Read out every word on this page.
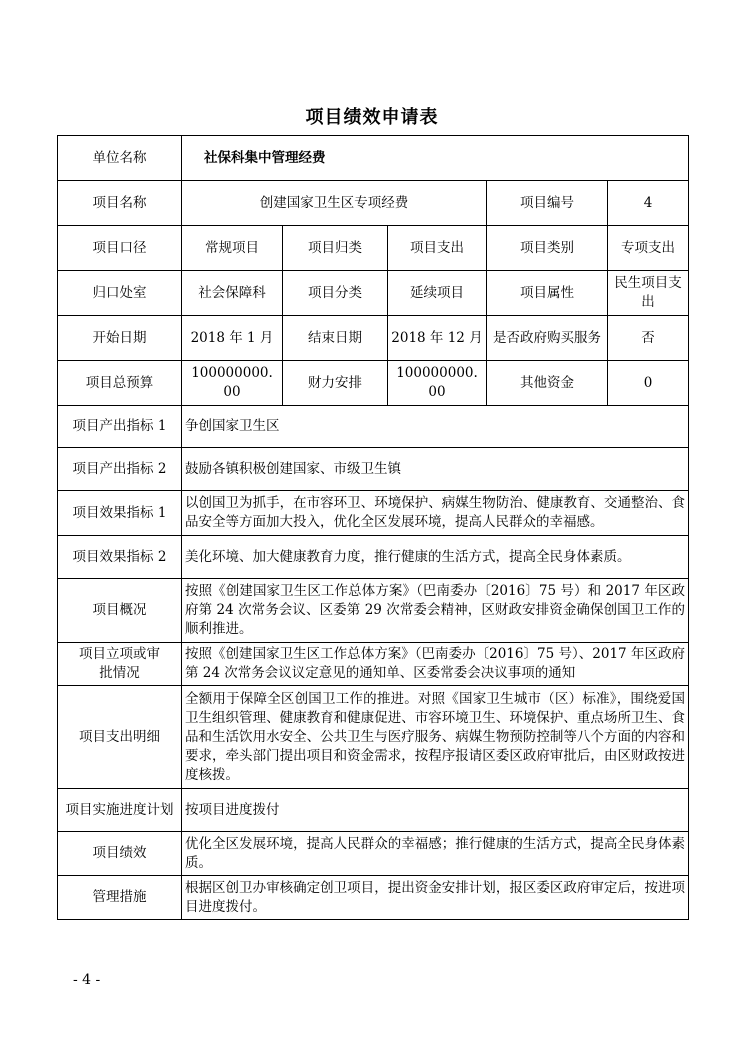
项目绩效申请表
单位名称	社保科集中管理经费				
项目名称	创建国家卫生区专项经费			项目编号	4
项目口径	常规项目	项目归类	项目支出	项目类别	专项支出
归口处室	社会保障科	项目分类	延续项目	项目属性	民生项目支出
开始日期	2018 年 1 月	结束日期	2018 年 12 月	是否政府购买服务	否
项目总预算	100000000. 00	财力安排	100000000. 00	其他资金	0
项目产出指标 1	争创国家卫生区				
项目产出指标 2	鼓励各镇积极创建国家、市级卫生镇				
项目效果指标 1	以创国卫为抓手，在市容环卫、环境保护、病媒生物防治、健康教育、交通整治、食品安全等方面加大投入，优化全区发展环境，提高人民群众的幸福感。				
项目效果指标 2	美化环境、加大健康教育力度，推行健康的生活方式，提高全民身体素质。				
项目概况	按照《创建国家卫生区工作总体方案》（巴南委办〔2016〕75 号）和 2017 年区政府第 24 次常务会议、区委第 29 次常委会精神，区财政安排资金确保创国卫工作的顺利推进。				
项目立项或审批情况	按照《创建国家卫生区工作总体方案》（巴南委办〔2016〕75 号）、2017 年区政府第 24 次常务会议议定意见的通知单、区委常委会决议事项的通知				
项目支出明细	全额用于保障全区创国卫工作的推进。对照《国家卫生城市（区）标准》，围绕爱国卫生组织管理、健康教育和健康促进、市容环境卫生、环境保护、重点场所卫生、食品和生活饮用水安全、公共卫生与医疗服务、病媒生物预防控制等八个方面的内容和要求，牵头部门提出项目和资金需求，按程序报请区委区政府审批后，由区财政按进度核拨。				
项目实施进度计划	按项目进度拨付				
项目绩效	优化全区发展环境，提高人民群众的幸福感；推行健康的生活方式，提高全民身体素质。				
管理措施	根据区创卫办审核确定创卫项目，提出资金安排计划，报区委区政府审定后，按进项目进度拨付。				
- 4 -
